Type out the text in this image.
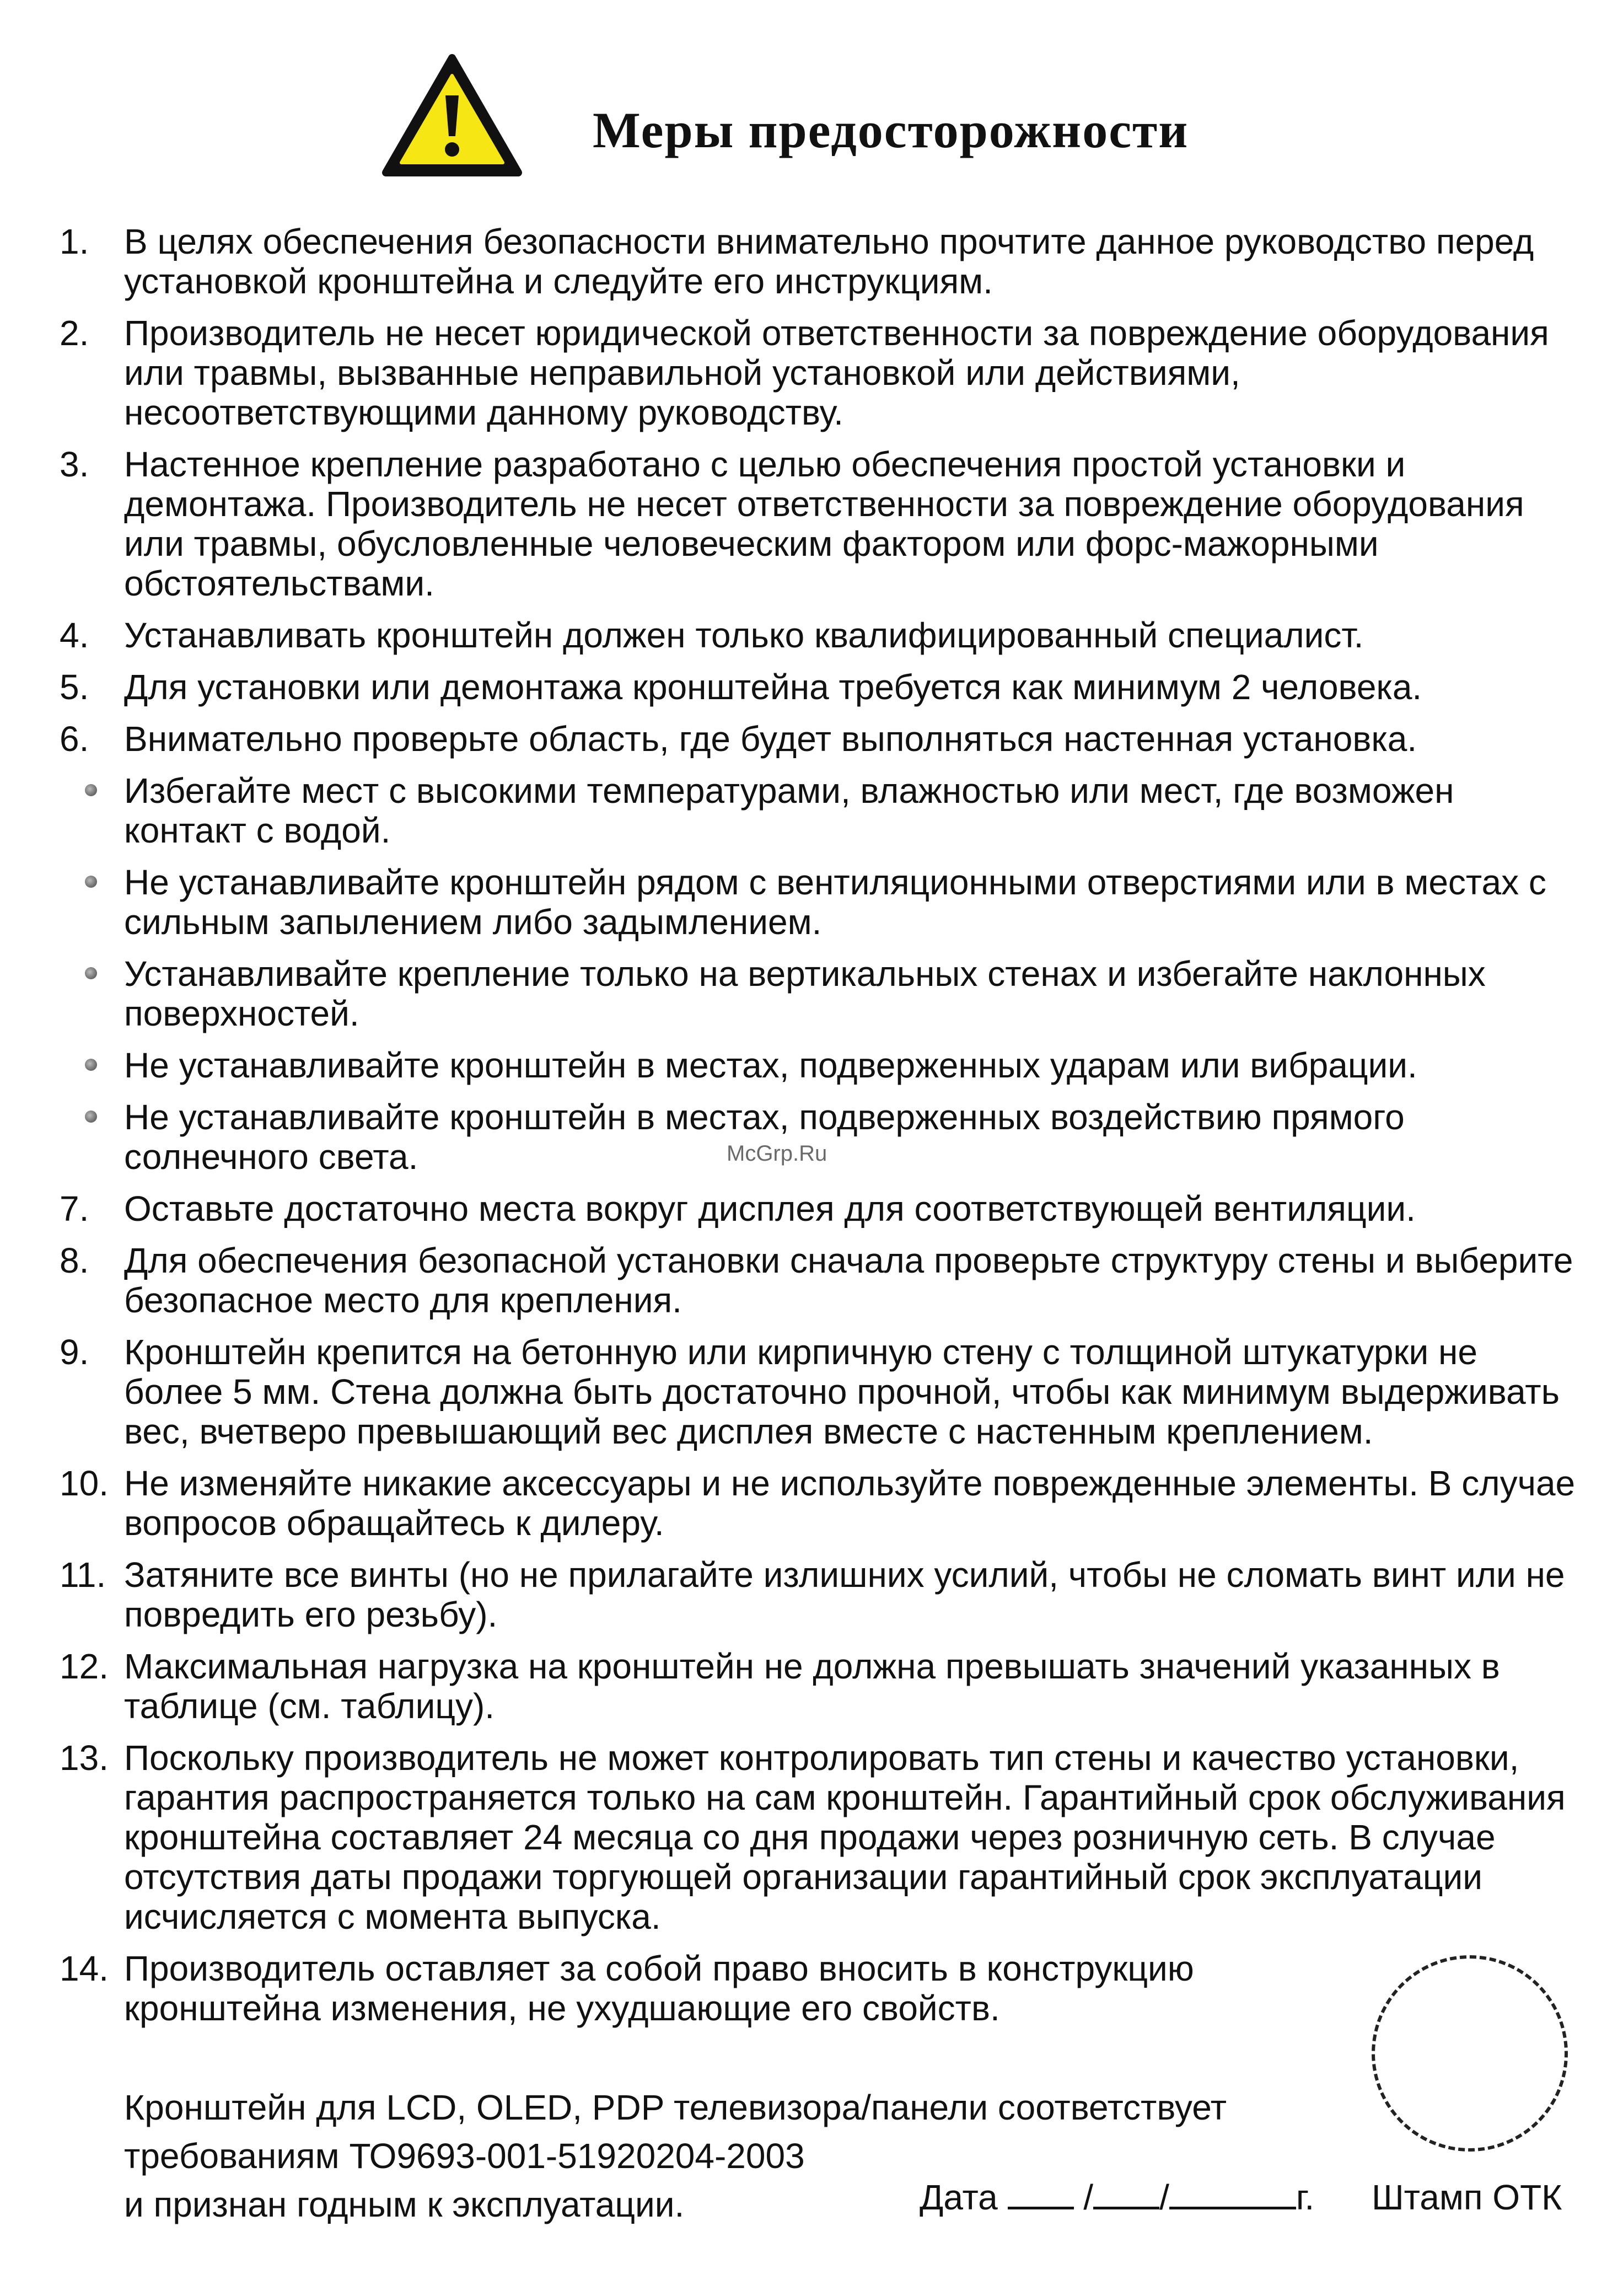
Меры предосторожности
1. В целях обеспечения безопасности внимательно прочтите данное руководство перед установкой кронштейна и следуйте его инструкциям.
2. Производитель не несет юридической ответственности за повреждение оборудования или травмы, вызванные неправильной установкой или действиями, несоответствующими данному руководству.
3. Настенное крепление разработано с целью обеспечения простой установки и демонтажа. Производитель не несет ответственности за повреждение оборудования или травмы, обусловленные человеческим фактором или форс-мажорными обстоятельствами.
4. Устанавливать кронштейн должен только квалифицированный специалист.
5. Для установки или демонтажа кронштейна требуется как минимум 2 человека.
6. Внимательно проверьте область, где будет выполняться настенная установка.
Избегайте мест с высокими температурами, влажностью или мест, где возможен контакт с водой.
Не устанавливайте кронштейн рядом с вентиляционными отверстиями или в местах с сильным запылением либо задымлением.
Устанавливайте крепление только на вертикальных стенах и избегайте наклонных поверхностей.
Не устанавливайте кронштейн в местах, подверженных ударам или вибрации.
Не устанавливайте кронштейн в местах, подверженных воздействию прямого солнечного света.
7. Оставьте достаточно места вокруг дисплея для соответствующей вентиляции.
8. Для обеспечения безопасной установки сначала проверьте структуру стены и выберите безопасное место для крепления.
9. Кронштейн крепится на бетонную или кирпичную стену с толщиной штукатурки не более 5 мм. Стена должна быть достаточно прочной, чтобы как минимум выдерживать вес, вчетверо превышающий вес дисплея вместе с настенным креплением.
10. Не изменяйте никакие аксессуары и не используйте поврежденные элементы. В случае вопросов обращайтесь к дилеру.
11. Затяните все винты (но не прилагайте излишних усилий, чтобы не сломать винт или не повредить его резьбу).
12. Максимальная нагрузка на кронштейн не должна превышать значений указанных в таблице (см. таблицу).
13. Поскольку производитель не может контролировать тип стены и качество установки, гарантия распространяется только на сам кронштейн. Гарантийный срок обслуживания кронштейна составляет 24 месяца со дня продажи через розничную сеть. В случае отсутствия даты продажи торгующей организации гарантийный срок эксплуатации исчисляется с момента выпуска.
14. Производитель оставляет за собой право вносить в конструкцию кронштейна изменения, не ухудшающие его свойств.
McGrp.Ru
Кронштейн для LCD, OLED, PDP телевизора/панели соответствует
требованиям ТО9693-001-51920204-2003
и признан годным к эксплуатации.	Дата / /	г. Штамп ОТК
